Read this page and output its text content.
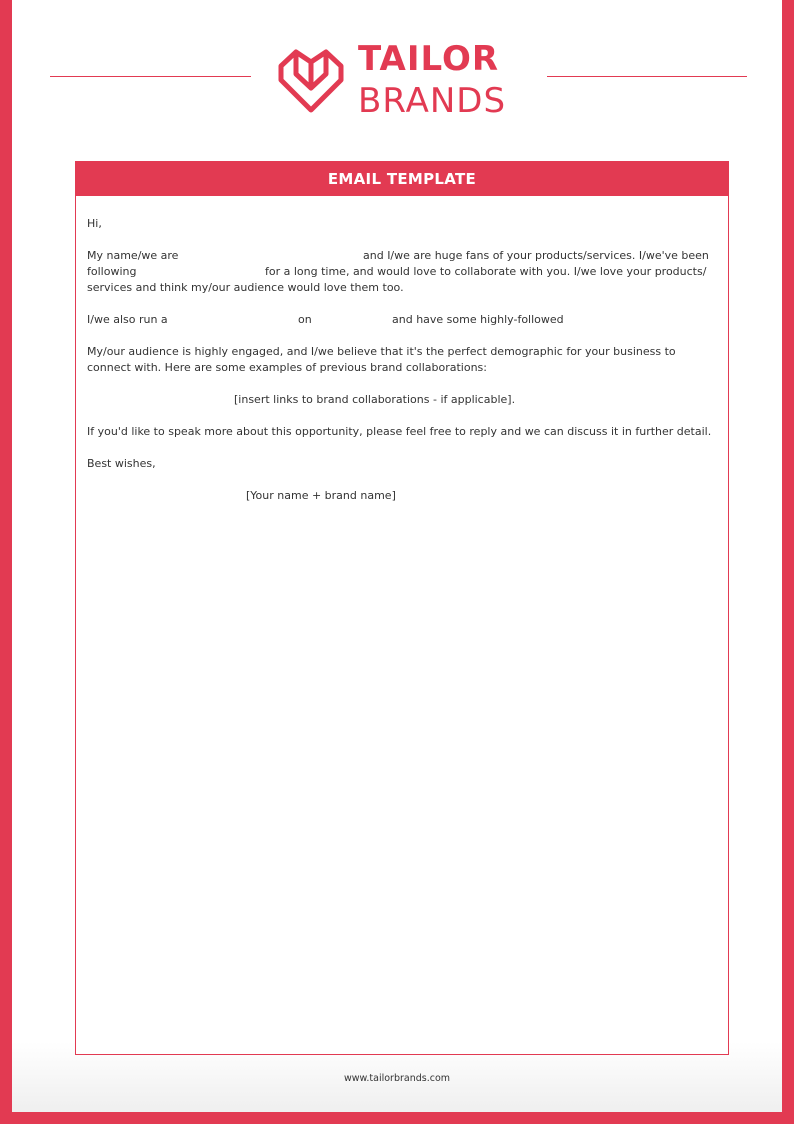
TAILOR
BRANDS
EMAIL TEMPLATE
Hi,
My name/we are	and I/we are huge fans of your products/services. I/we've been
following	for a long time, and would love to collaborate with you. I/we love your products/
services and think my/our audience would love them too.
I/we also run a	on	and have some highly-followed
My/our audience is highly engaged, and I/we believe that it's the perfect demographic for your business to
connect with. Here are some examples of previous brand collaborations:
[insert links to brand collaborations - if applicable].
If you'd like to speak more about this opportunity, please feel free to reply and we can discuss it in further detail.
Best wishes,
[Your name + brand name]
www.tailorbrands.com
